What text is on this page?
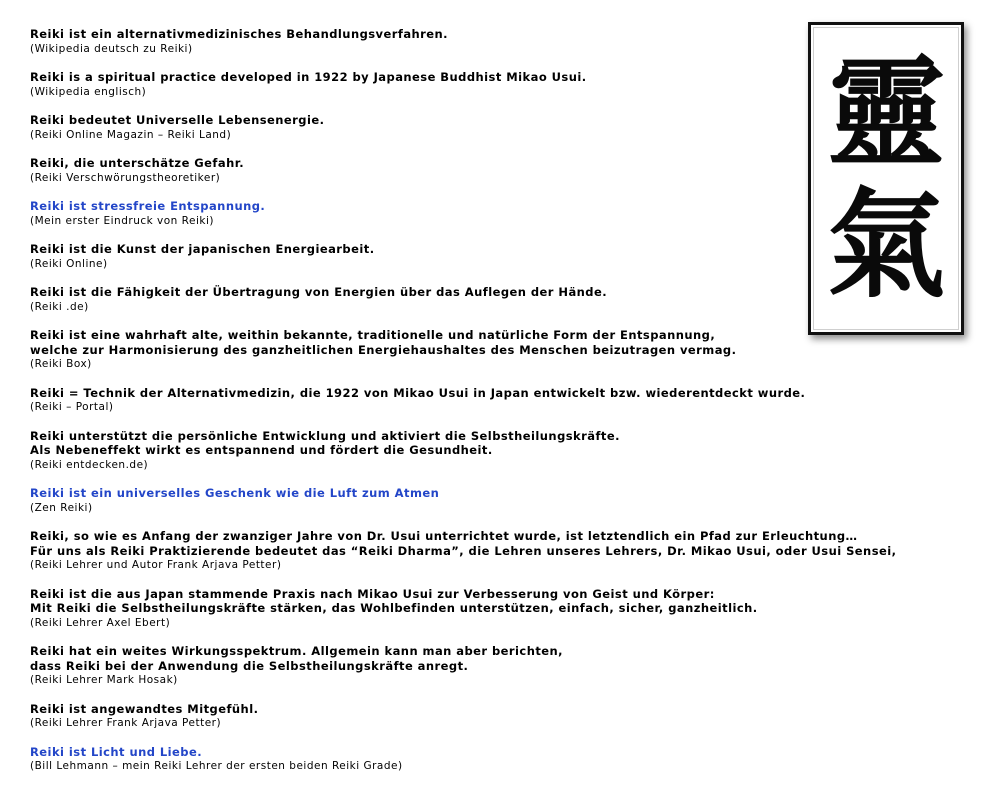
Reiki ist ein alternativmedizinisches Behandlungsverfahren.
(Wikipedia deutsch zu Reiki)
Reiki is a spiritual practice developed in 1922 by Japanese Buddhist Mikao Usui.
(Wikipedia englisch)
Reiki bedeutet Universelle Lebensenergie.
(Reiki Online Magazin – Reiki Land)
Reiki, die unterschätze Gefahr.
(Reiki Verschwörungstheoretiker)
Reiki ist stressfreie Entspannung.
(Mein erster Eindruck von Reiki)
Reiki ist die Kunst der japanischen Energiearbeit.
(Reiki Online)
Reiki ist die Fähigkeit der Übertragung von Energien über das Auflegen der Hände.
(Reiki .de)
Reiki ist eine wahrhaft alte, weithin bekannte, traditionelle und natürliche Form der Entspannung,
welche zur Harmonisierung des ganzheitlichen Energiehaushaltes des Menschen beizutragen vermag.
(Reiki Box)
Reiki = Technik der Alternativmedizin, die 1922 von Mikao Usui in Japan entwickelt bzw. wiederentdeckt wurde.
(Reiki – Portal)
Reiki unterstützt die persönliche Entwicklung und aktiviert die Selbstheilungskräfte.
Als Nebeneffekt wirkt es entspannend und fördert die Gesundheit.
(Reiki entdecken.de)
Reiki ist ein universelles Geschenk wie die Luft zum Atmen
(Zen Reiki)
Reiki, so wie es Anfang der zwanziger Jahre von Dr. Usui unterrichtet wurde, ist letztendlich ein Pfad zur Erleuchtung…
Für uns als Reiki Praktizierende bedeutet das “Reiki Dharma”, die Lehren unseres Lehrers, Dr. Mikao Usui, oder Usui Sensei,
(Reiki Lehrer und Autor Frank Arjava Petter)
Reiki ist die aus Japan stammende Praxis nach Mikao Usui zur Verbesserung von Geist und Körper:
Mit Reiki die Selbstheilungskräfte stärken, das Wohlbefinden unterstützen, einfach, sicher, ganzheitlich.
(Reiki Lehrer Axel Ebert)
Reiki hat ein weites Wirkungsspektrum. Allgemein kann man aber berichten,
dass Reiki bei der Anwendung die Selbstheilungskräfte anregt.
(Reiki Lehrer Mark Hosak)
Reiki ist angewandtes Mitgefühl.
(Reiki Lehrer Frank Arjava Petter)
Reiki ist Licht und Liebe.
(Bill Lehmann – mein Reiki Lehrer der ersten beiden Reiki Grade)
靈
氣
